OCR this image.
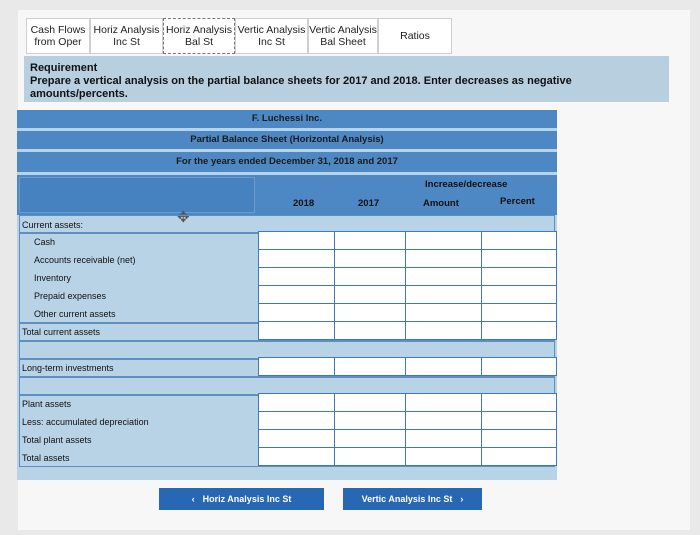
Cash Flows
from Oper
Horiz Analysis
Inc St
Horiz Analysis
Bal St
Vertic Analysis
Inc St
Vertic Analysis
Bal Sheet	Ratios
Requirement
Prepare a vertical analysis on the partial balance sheets for 2017 and 2018. Enter decreases as negative amounts/percents.
F. Luchessi Inc.
Partial Balance Sheet (Horizontal Analysis)
For the years ended December 31, 2018 and 2017
Increase/decrease
2018	2017	Amount	Percent
✥
Current assets:
Cash
Accounts receivable (net)
Inventory
Prepaid expenses
Other current assets
Total current assets
Long-term investments
Plant assets
Less: accumulated depreciation
Total plant assets
Total assets
‹ Horiz Analysis Inc St	Vertic Analysis Inc St ›
